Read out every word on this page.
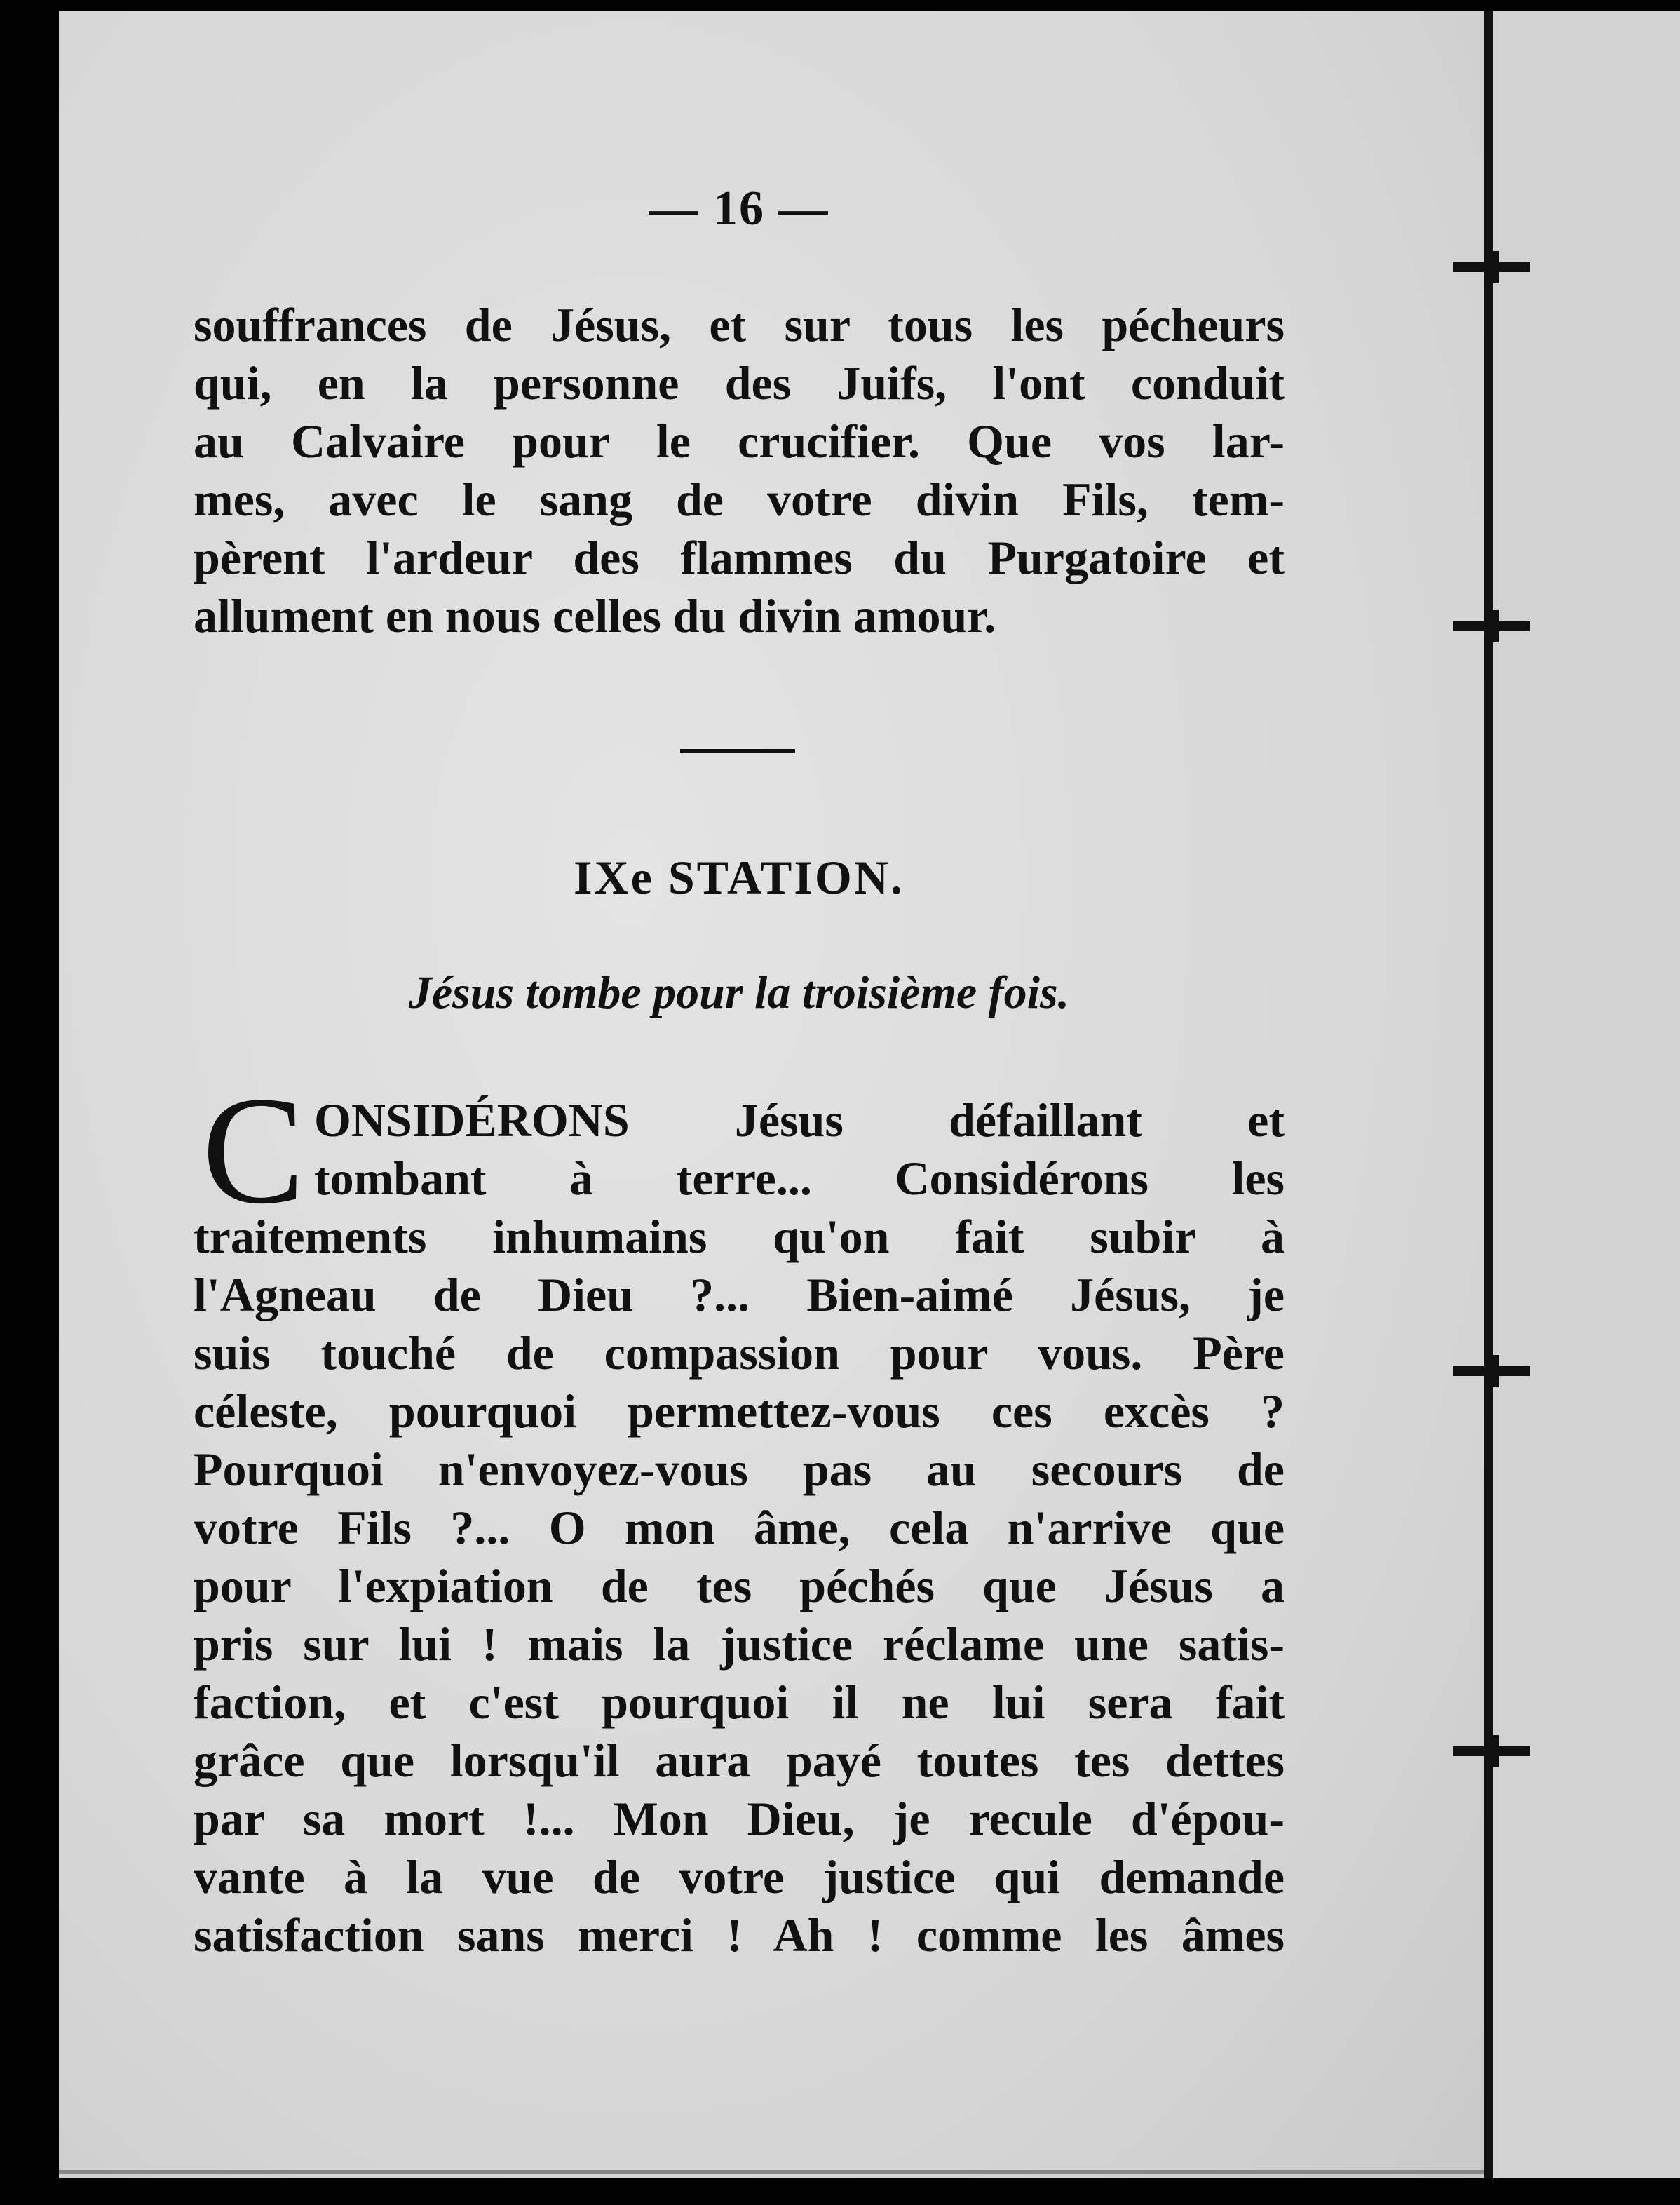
— 16 —
souffrances de Jésus, et sur tous les pécheurs
qui, en la personne des Juifs, l'ont conduit
au Calvaire pour le crucifier. Que vos lar-
mes, avec le sang de votre divin Fils, tem-
pèrent l'ardeur des flammes du Purgatoire et
allument en nous celles du divin amour.
IXe STATION.
Jésus tombe pour la troisième fois.
C ONSIDÉRONS Jésus défaillant et
tombant à terre... Considérons les
traitements inhumains qu'on fait subir à
l'Agneau de Dieu ?... Bien-aimé Jésus, je
suis touché de compassion pour vous. Père
céleste, pourquoi permettez-vous ces excès ?
Pourquoi n'envoyez-vous pas au secours de
votre Fils ?... O mon âme, cela n'arrive que
pour l'expiation de tes péchés que Jésus a
pris sur lui ! mais la justice réclame une satis-
faction, et c'est pourquoi il ne lui sera fait
grâce que lorsqu'il aura payé toutes tes dettes
par sa mort !... Mon Dieu, je recule d'épou-
vante à la vue de votre justice qui demande
satisfaction sans merci ! Ah ! comme les âmes
